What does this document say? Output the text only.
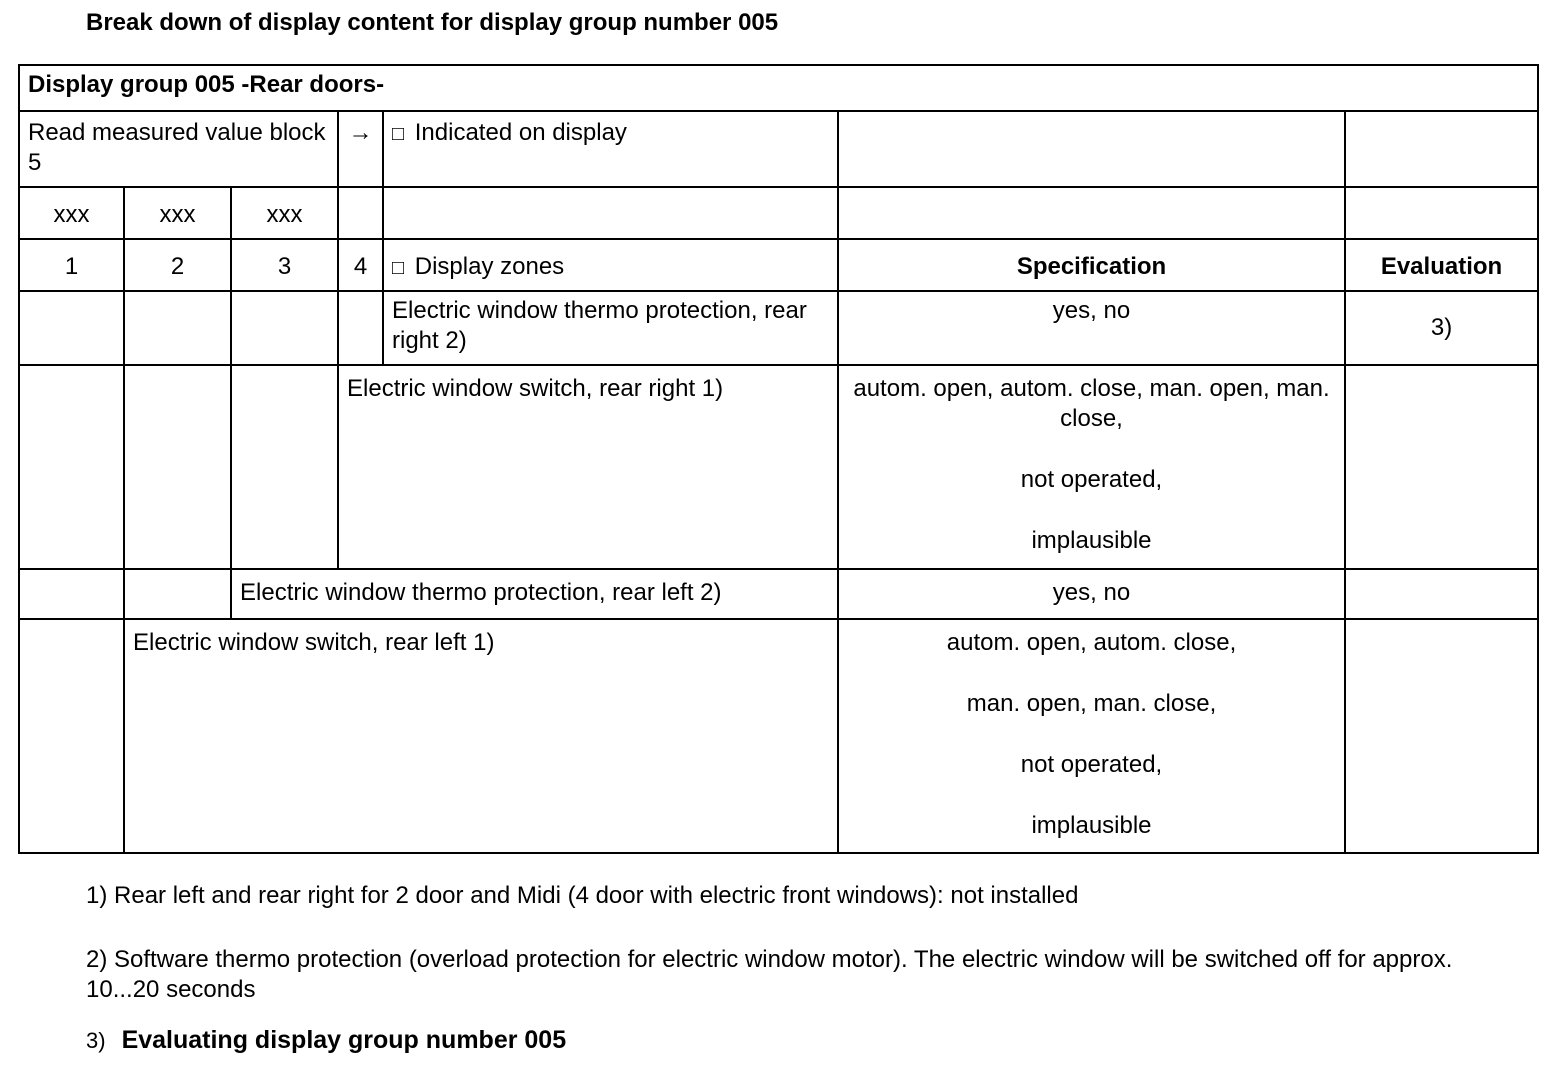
Break down of display content for display group number 005
Display group 005 -Rear doors-						
Read measured value block 5			→	□ Indicated on display		
xxx	xxx	xxx				
1	2	3	4	□ Display zones	Specification	Evaluation
				Electric window thermo protection, rear right 2)	yes, no	3)
			Electric window switch, rear right 1)		autom. open, autom. close, man. open, man. close,
not operated,
implausible	

		Electric window thermo protection, rear left 2)			yes, no	

	Electric window switch, rear left 1)				autom. open, autom. close,
man. open, man. close,
not operated,
implausible	

1) Rear left and rear right for 2 door and Midi (4 door with electric front windows): not installed
2) Software thermo protection (overload protection for electric window motor). The electric window will be switched off for approx. 10...20 seconds
3) Evaluating display group number 005
